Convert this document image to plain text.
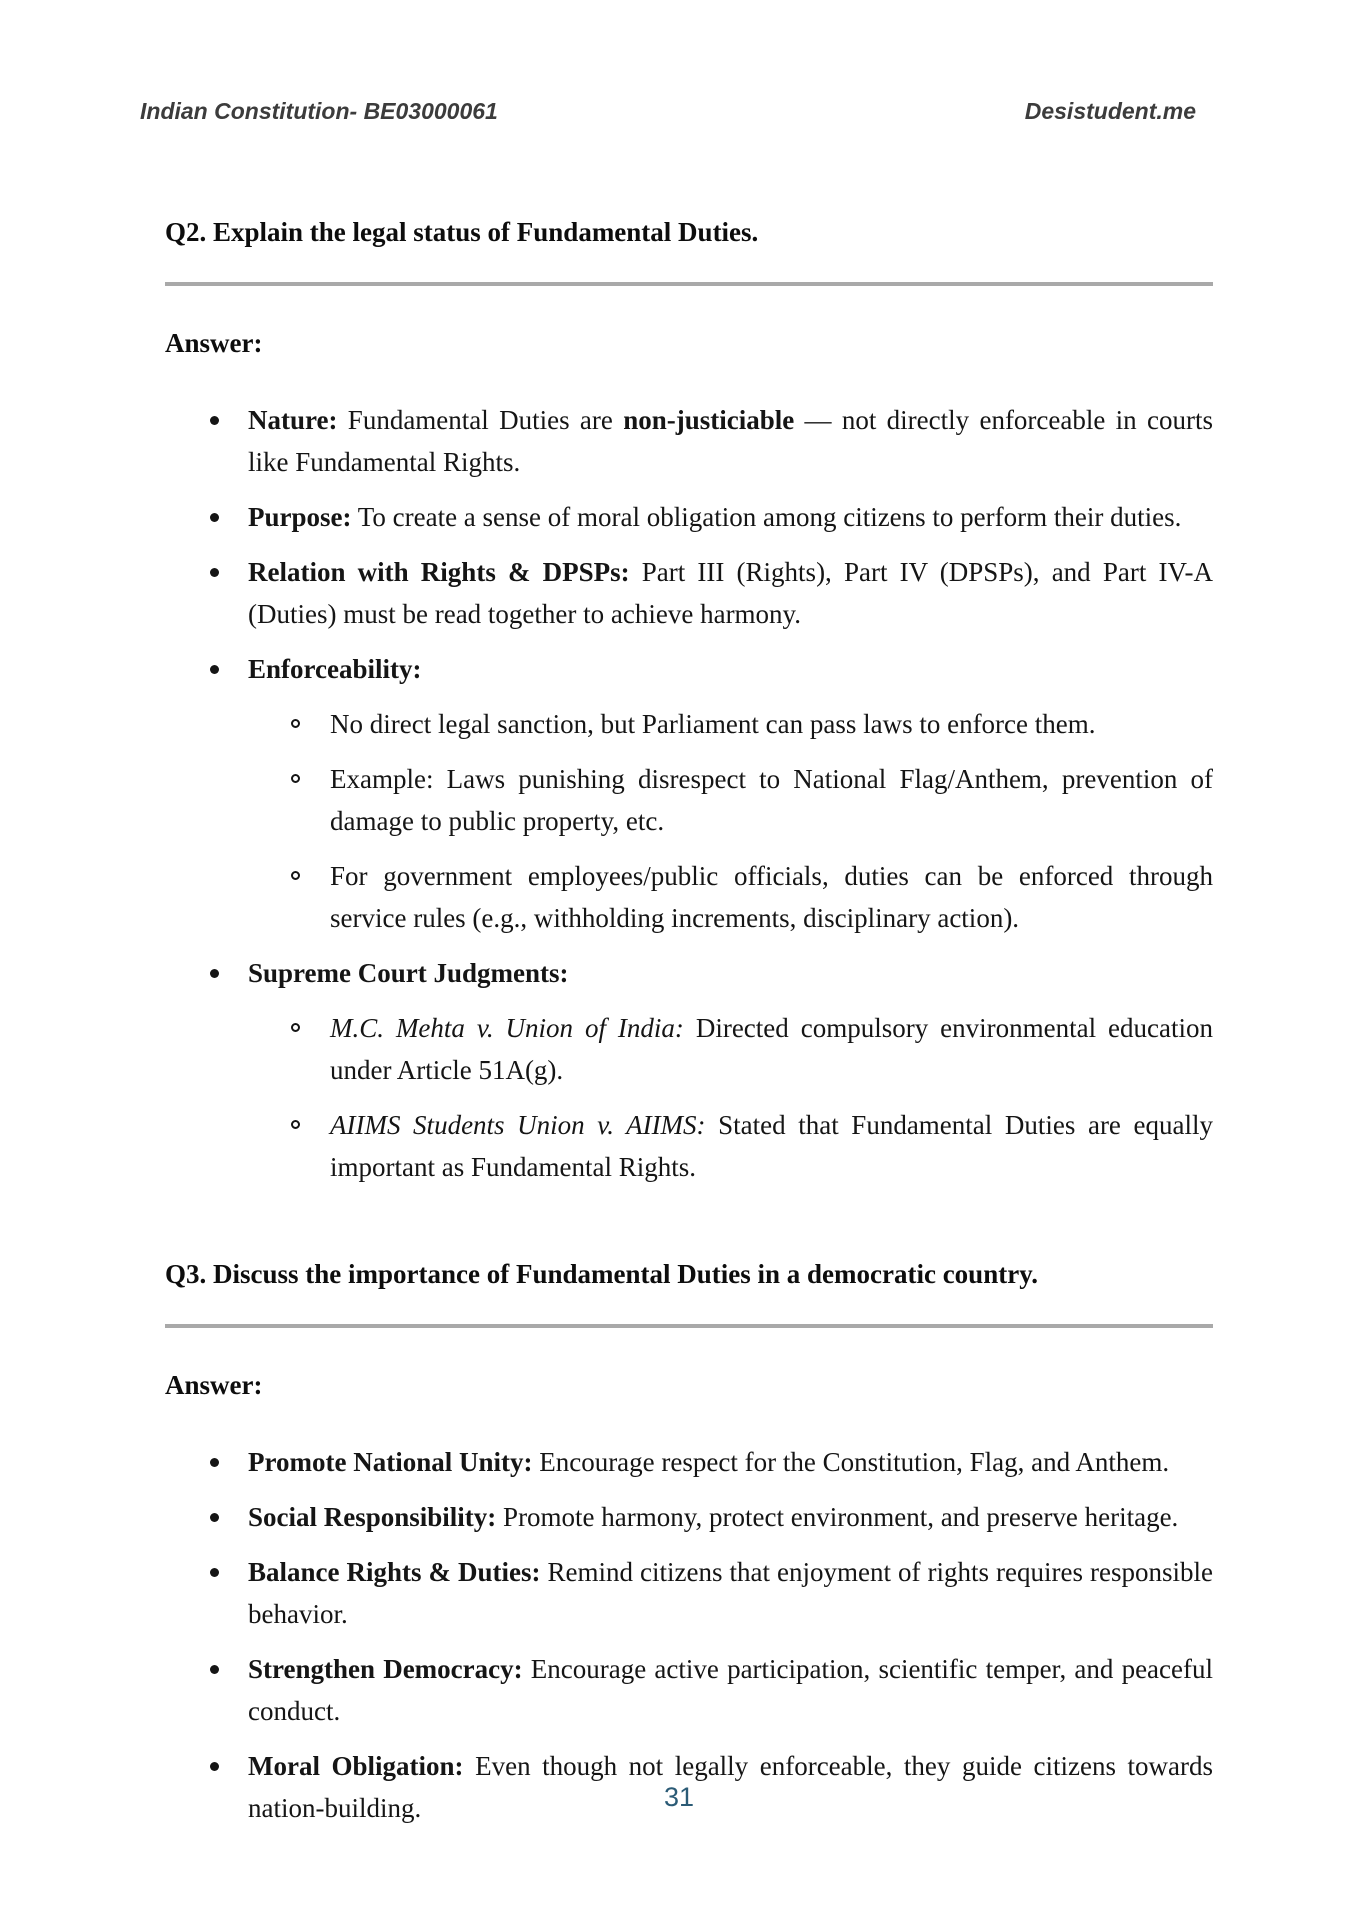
Indian Constitution- BE03000061	Desistudent.me
Q2. Explain the legal status of Fundamental Duties.
Answer:
Nature: Fundamental Duties are non-justiciable — not directly enforceable in courts like Fundamental Rights.
Purpose: To create a sense of moral obligation among citizens to perform their duties.
Relation with Rights & DPSPs: Part III (Rights), Part IV (DPSPs), and Part IV-A (Duties) must be read together to achieve harmony.
Enforceability:
No direct legal sanction, but Parliament can pass laws to enforce them.
Example: Laws punishing disrespect to National Flag/Anthem, prevention of damage to public property, etc.
For government employees/public officials, duties can be enforced through service rules (e.g., withholding increments, disciplinary action).
Supreme Court Judgments:
M.C. Mehta v. Union of India: Directed compulsory environmental education under Article 51A(g).
AIIMS Students Union v. AIIMS: Stated that Fundamental Duties are equally important as Fundamental Rights.
Q3. Discuss the importance of Fundamental Duties in a democratic country.
Answer:
Promote National Unity: Encourage respect for the Constitution, Flag, and Anthem.
Social Responsibility: Promote harmony, protect environment, and preserve heritage.
Balance Rights & Duties: Remind citizens that enjoyment of rights requires responsible behavior.
Strengthen Democracy: Encourage active participation, scientific temper, and peaceful conduct.
Moral Obligation: Even though not legally enforceable, they guide citizens towards nation-building.	31
